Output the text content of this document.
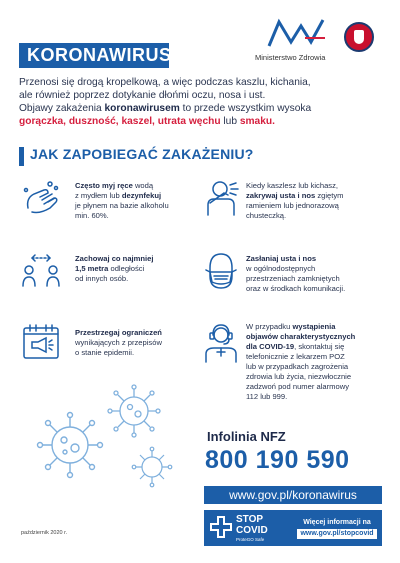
KORONAWIRUS	Ministerstwo Zdrowia
Przenosi się drogą kropelkową, a więc podczas kaszlu, kichania,
ale również poprzez dotykanie dłońmi oczu, nosa i ust.
Objawy zakażenia koronawirusem to przede wszystkim wysoka
gorączka, duszność, kaszel, utrata węchu lub smaku.
JAK ZAPOBIEGAĆ ZAKAŻENIU?
Często myj ręce wodą
z mydłem lub dezynfekuj
je płynem na bazie alkoholu
min. 60%.
Kiedy kaszlesz lub kichasz,
zakrywaj usta i nos zgiętym
ramieniem lub jednorazową
chusteczką.
Zachowaj co najmniej
1,5 metra odległości
od innych osób.
Zasłaniaj usta i nos
w ogólnodostępnych
przestrzeniach zamkniętych
oraz w środkach komunikacji.
Przestrzegaj ograniczeń
wynikających z przepisów
o stanie epidemii.
W przypadku wystąpienia
objawów charakterystycznych
dla COVID-19, skontaktuj się
telefonicznie z lekarzem POZ
lub w przypadkach zagrożenia
zdrowia lub życia, niezwłocznie
zadzwoń pod numer alarmowy
112 lub 999.
Infolinia NFZ
800 190 590
www.gov.pl/koronawirus
STOP
COVID
ProteGO Safe
Więcej informacji na
www.gov.pl/stopcovid
październik 2020 r.
